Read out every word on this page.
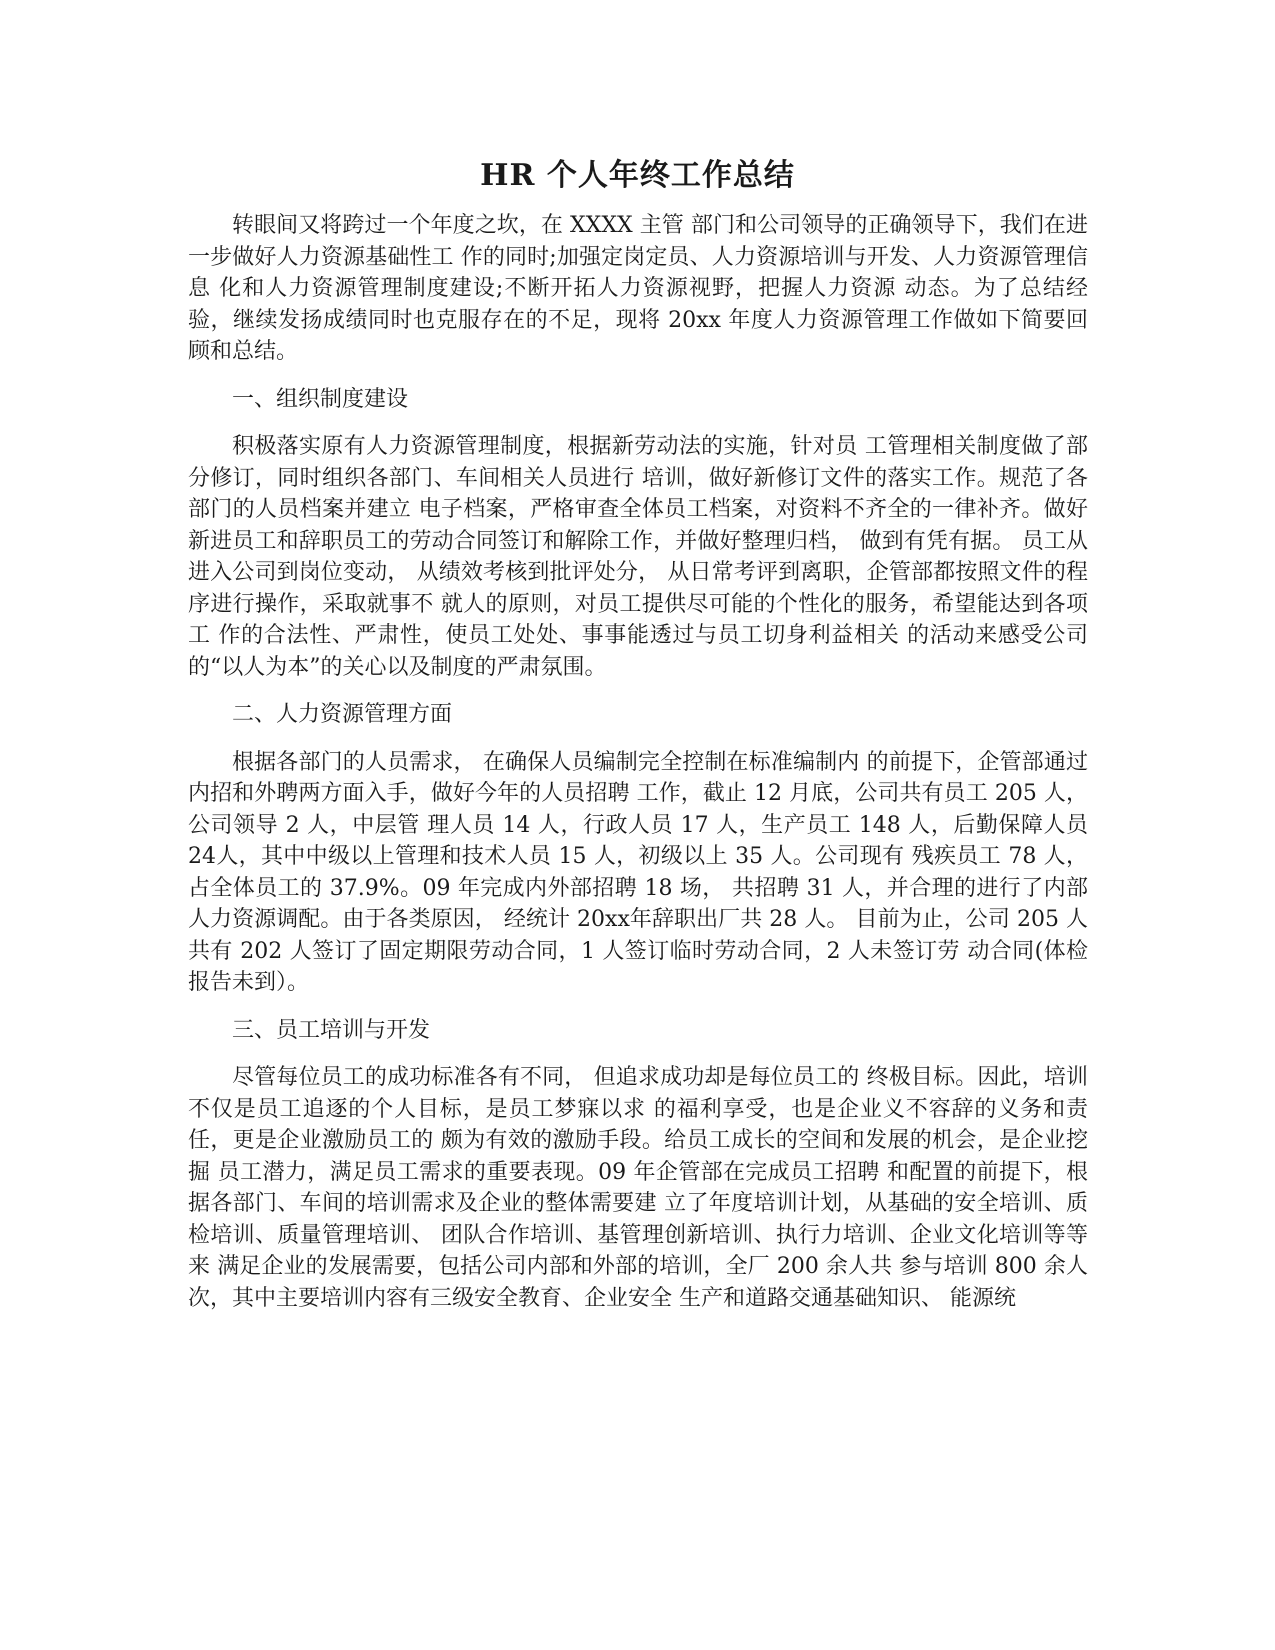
HR 个人年终工作总结

转眼间又将跨过一个年度之坎，在 XXXX 主管 部门和公司领导的正确领导下，我们在进一步做好人力资源基础性工 作的同时;加强定岗定员、人力资源培训与开发、人力资源管理信息 化和人力资源管理制度建设;不断开拓人力资源视野，把握人力资源 动态。为了总结经验，继续发扬成绩同时也克服存在的不足，现将 20xx 年度人力资源管理工作做如下简要回顾和总结。

一、组织制度建设

积极落实原有人力资源管理制度，根据新劳动法的实施，针对员 工管理相关制度做了部分修订，同时组织各部门、车间相关人员进行 培训，做好新修订文件的落实工作。规范了各部门的人员档案并建立 电子档案，严格审查全体员工档案，对资料不齐全的一律补齐。做好 新进员工和辞职员工的劳动合同签订和解除工作，并做好整理归档， 做到有凭有据。 员工从进入公司到岗位变动， 从绩效考核到批评处分， 从日常考评到离职，企管部都按照文件的程序进行操作，采取就事不 就人的原则，对员工提供尽可能的个性化的服务，希望能达到各项工 作的合法性、严肃性，使员工处处、事事能透过与员工切身利益相关 的活动来感受公司的“以人为本”的关心以及制度的严肃氛围。

二、人力资源管理方面

根据各部门的人员需求， 在确保人员编制完全控制在标准编制内 的前提下，企管部通过内招和外聘两方面入手，做好今年的人员招聘 工作，截止 12 月底，公司共有员工 205 人，公司领导 2 人，中层管 理人员 14 人，行政人员 17 人，生产员工 148 人，后勤保障人员 24人，其中中级以上管理和技术人员 15 人，初级以上 35 人。公司现有 残疾员工 78 人，占全体员工的 37.9%。09 年完成内外部招聘 18 场， 共招聘 31 人，并合理的进行了内部人力资源调配。由于各类原因， 经统计 20xx年辞职出厂共 28 人。 目前为止，公司 205 人共有 202 人签订了固定期限劳动合同，1 人签订临时劳动合同，2 人未签订劳 动合同(体检报告未到）。

三、员工培训与开发

尽管每位员工的成功标准各有不同， 但追求成功却是每位员工的 终极目标。因此，培训不仅是员工追逐的个人目标，是员工梦寐以求 的福利享受，也是企业义不容辞的义务和责任，更是企业激励员工的 颇为有效的激励手段。给员工成长的空间和发展的机会，是企业挖掘 员工潜力，满足员工需求的重要表现。09 年企管部在完成员工招聘 和配置的前提下，根据各部门、车间的培训需求及企业的整体需要建 立了年度培训计划，从基础的安全培训、质检培训、质量管理培训、 团队合作培训、基管理创新培训、执行力培训、企业文化培训等等来 满足企业的发展需要，包括公司内部和外部的培训，全厂 200 余人共 参与培训 800 余人次，其中主要培训内容有三级安全教育、企业安全 生产和道路交通基础知识、 能源统
